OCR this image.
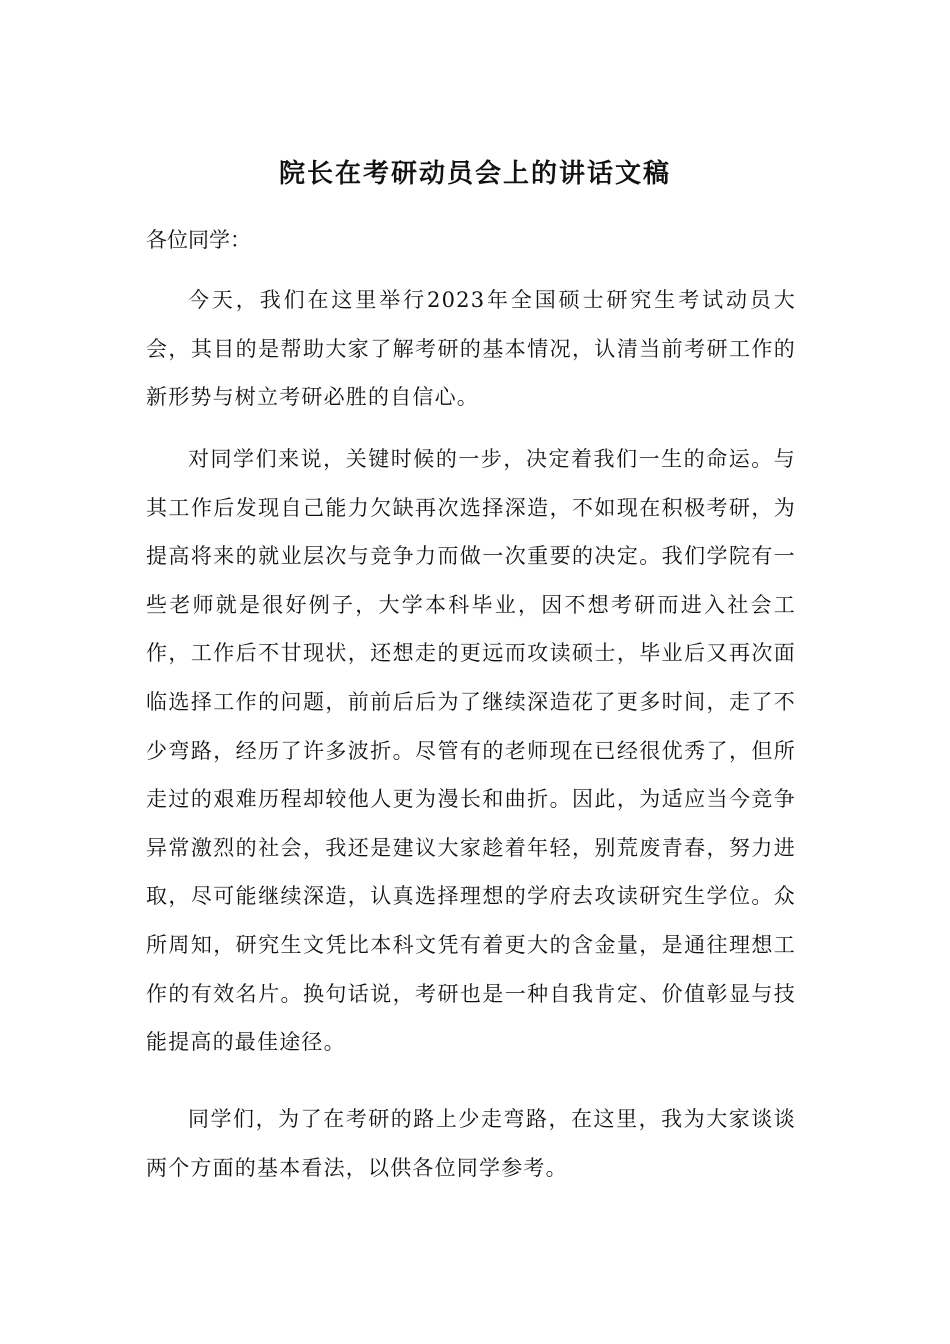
院长在考研动员会上的讲话文稿

各位同学：

今天，我们在这里举行2023年全国硕士研究生考试动员大会，其目的是帮助大家了解考研的基本情况，认清当前考研工作的新形势与树立考研必胜的自信心。

对同学们来说，关键时候的一步，决定着我们一生的命运。与其工作后发现自己能力欠缺再次选择深造，不如现在积极考研，为提高将来的就业层次与竞争力而做一次重要的决定。我们学院有一些老师就是很好例子，大学本科毕业，因不想考研而进入社会工作，工作后不甘现状，还想走的更远而攻读硕士，毕业后又再次面临选择工作的问题，前前后后为了继续深造花了更多时间，走了不少弯路，经历了许多波折。尽管有的老师现在已经很优秀了，但所走过的艰难历程却较他人更为漫长和曲折。因此，为适应当今竞争异常激烈的社会，我还是建议大家趁着年轻，别荒废青春，努力进取，尽可能继续深造，认真选择理想的学府去攻读研究生学位。众所周知，研究生文凭比本科文凭有着更大的含金量，是通往理想工作的有效名片。换句话说，考研也是一种自我肯定、价值彰显与技能提高的最佳途径。

同学们，为了在考研的路上少走弯路，在这里，我为大家谈谈两个方面的基本看法，以供各位同学参考。
